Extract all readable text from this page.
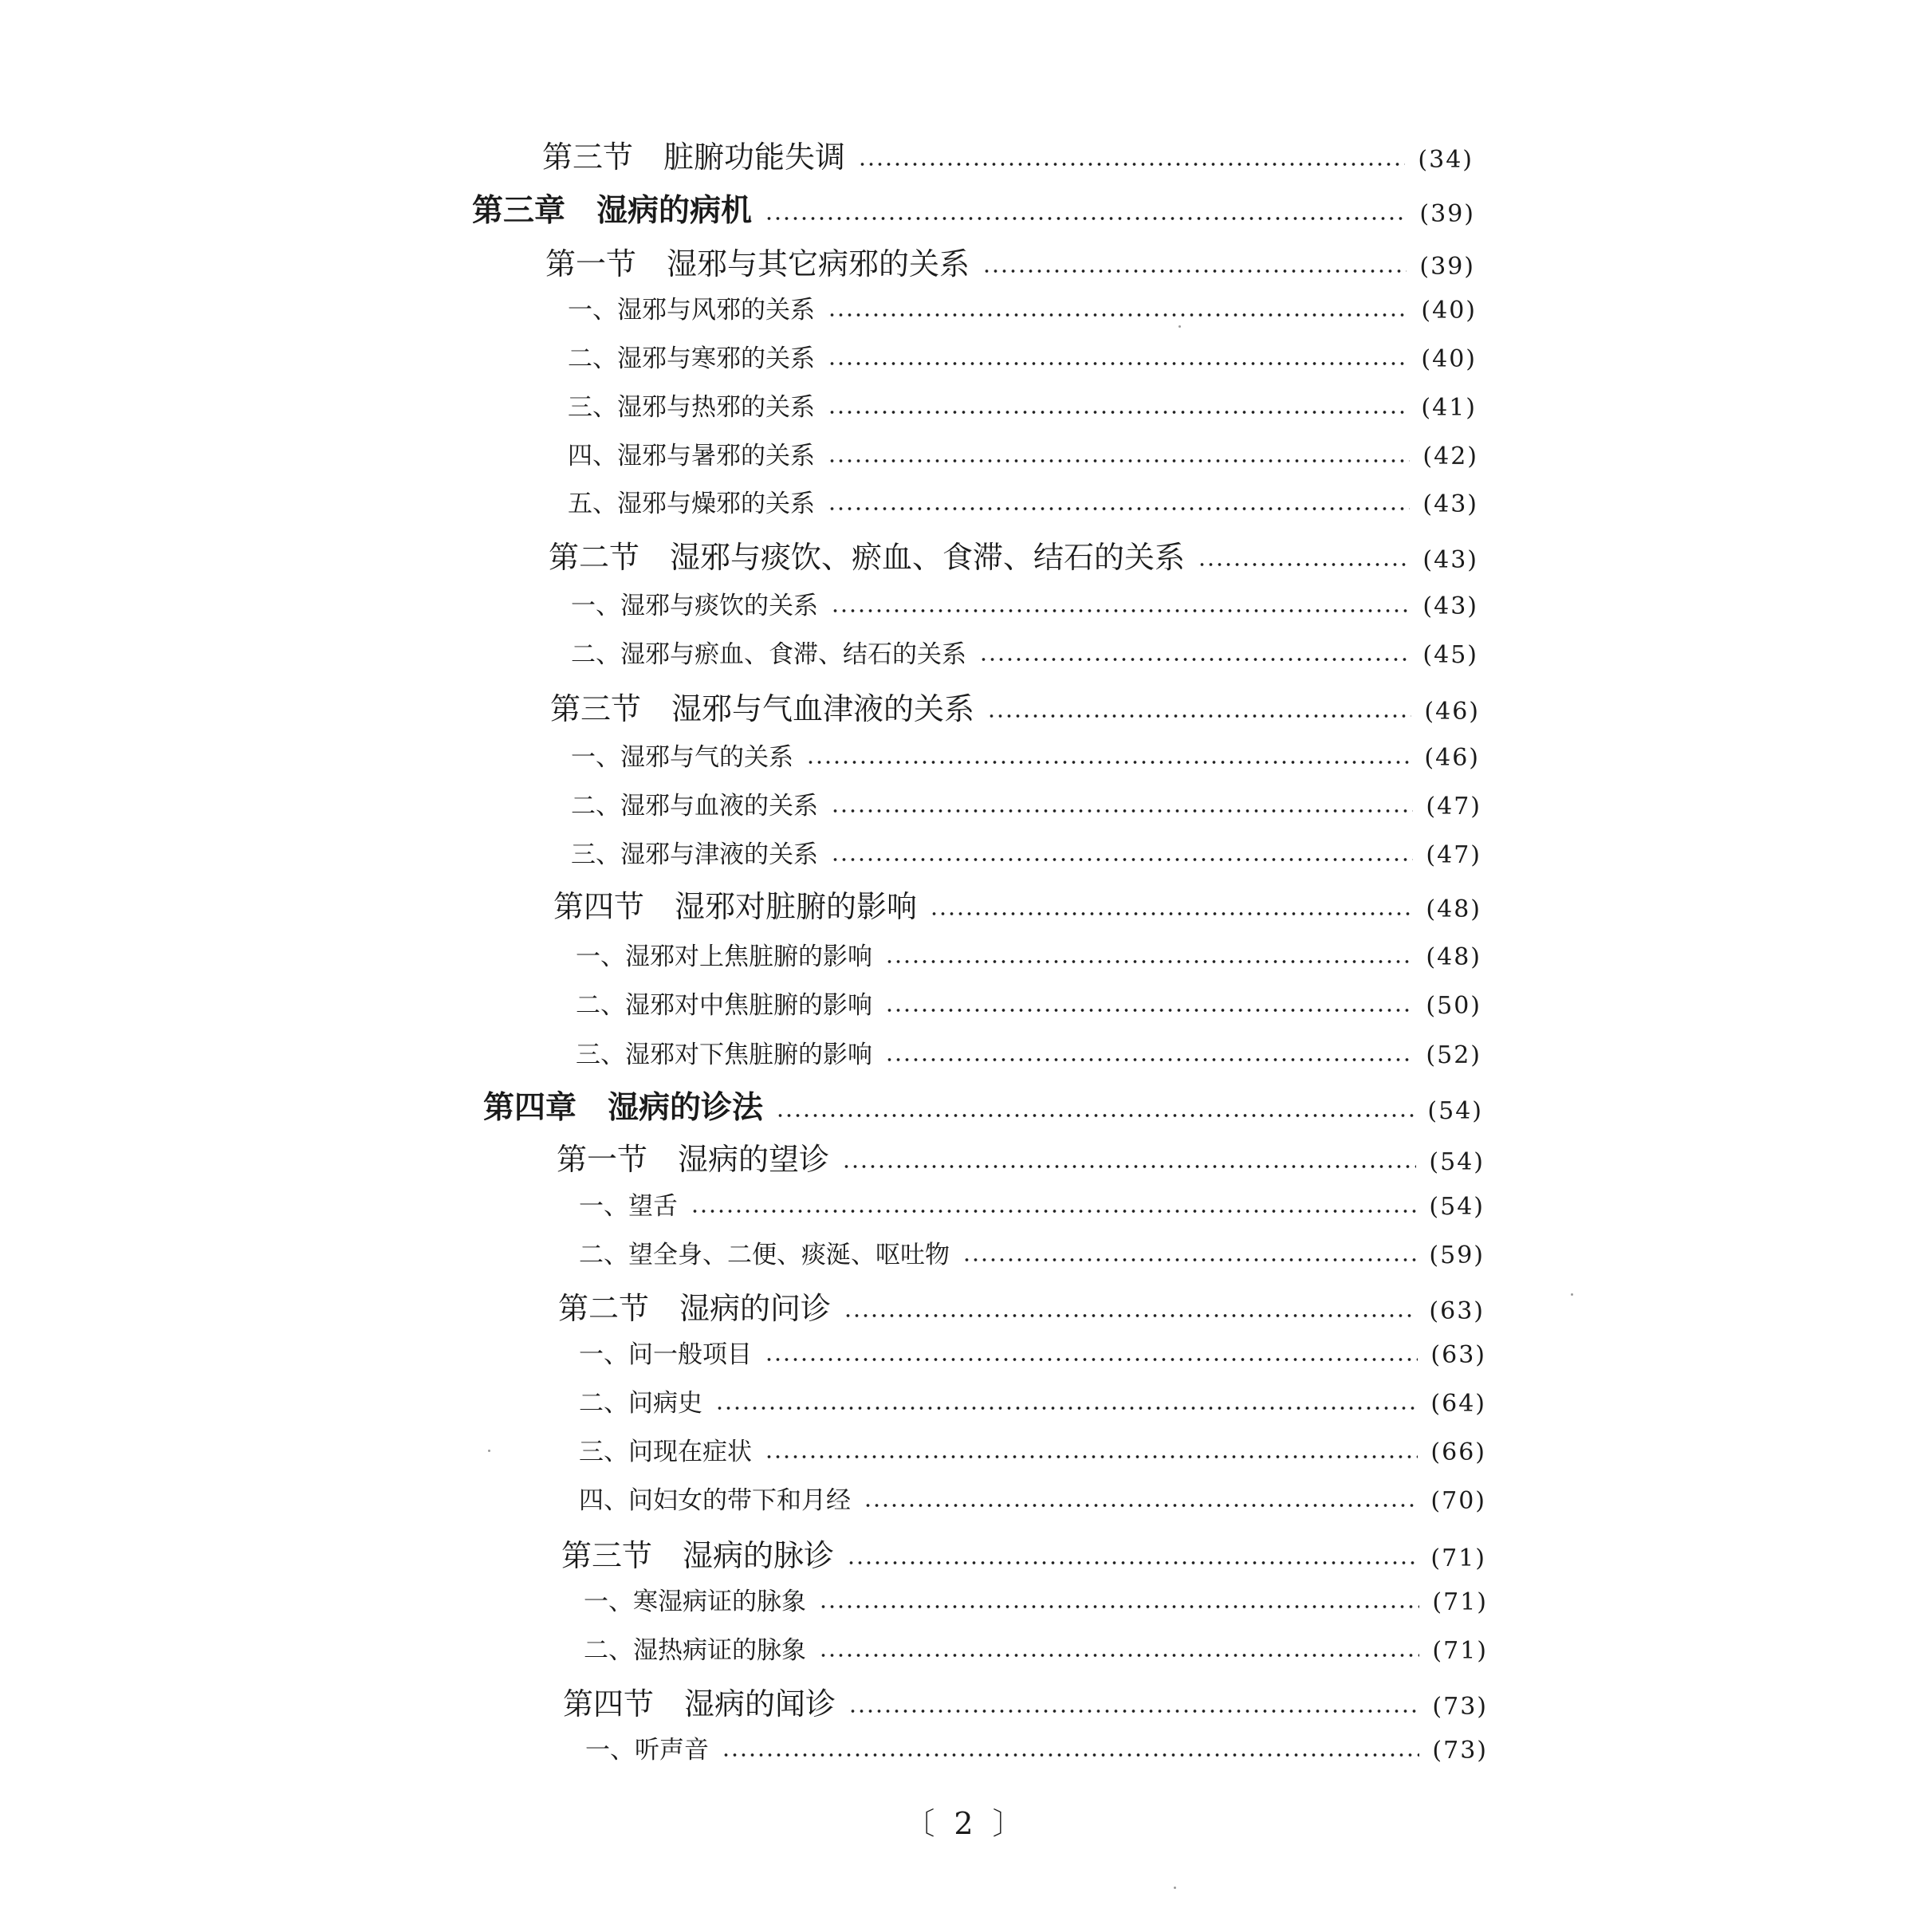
第三节　脏腑功能失调	(34)
第三章　湿病的病机	(39)
第一节　湿邪与其它病邪的关系	(39)
一、湿邪与风邪的关系	(40)
二、湿邪与寒邪的关系	(40)
三、湿邪与热邪的关系	(41)
四、湿邪与暑邪的关系	(42)
五、湿邪与燥邪的关系	(43)
第二节　湿邪与痰饮、瘀血、食滞、结石的关系	(43)
一、湿邪与痰饮的关系	(43)
二、湿邪与瘀血、食滞、结石的关系	(45)
第三节　湿邪与气血津液的关系	(46)
一、湿邪与气的关系	(46)
二、湿邪与血液的关系	(47)
三、湿邪与津液的关系	(47)
第四节　湿邪对脏腑的影响	(48)
一、湿邪对上焦脏腑的影响	(48)
二、湿邪对中焦脏腑的影响	(50)
三、湿邪对下焦脏腑的影响	(52)
第四章　湿病的诊法	(54)
第一节　湿病的望诊	(54)
一、望舌	(54)
二、望全身、二便、痰涎、呕吐物	(59)
第二节　湿病的问诊	(63)
一、问一般项目	(63)
二、问病史	(64)
三、问现在症状	(66)
四、问妇女的带下和月经	(70)
第三节　湿病的脉诊	(71)
一、寒湿病证的脉象	(71)
二、湿热病证的脉象	(71)
第四节　湿病的闻诊	(73)
一、听声音	(73)
〔 2 〕
